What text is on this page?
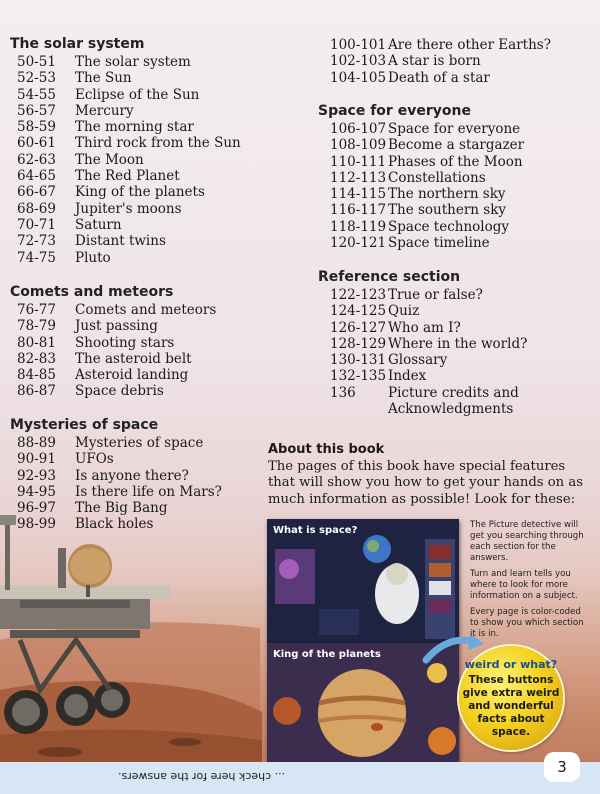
The solar system
50-51	The solar system
52-53	The Sun
54-55	Eclipse of the Sun
56-57	Mercury
58-59	The morning star
60-61	Third rock from the Sun
62-63	The Moon
64-65	The Red Planet
66-67	King of the planets
68-69	Jupiter's moons
70-71	Saturn
72-73	Distant twins
74-75	Pluto
Comets and meteors
76-77	Comets and meteors
78-79	Just passing
80-81	Shooting stars
82-83	The asteroid belt
84-85	Asteroid landing
86-87	Space debris
Mysteries of space
88-89	Mysteries of space
90-91	UFOs
92-93	Is anyone there?
94-95	Is there life on Mars?
96-97	The Big Bang
98-99	Black holes
100-101 Are there other Earths?
102-103 A star is born
104-105 Death of a star
Space for everyone
106-107 Space for everyone
108-109 Become a stargazer
110-111 Phases of the Moon
112-113 Constellations
114-115 The northern sky
116-117 The southern sky
118-119 Space technology
120-121 Space timeline
Reference section
122-123 True or false?
124-125 Quiz
126-127 Who am I?
128-129 Where in the world?
130-131 Glossary
132-135 Index
136	Picture credits and
Acknowledgments
About this book
The pages of this book have special features that will show you how to get your hands on as much information as possible! Look for these:
What is space?
King of the planets
The Picture detective will get you searching through each section for the answers.
Turn and learn tells you where to look for more information on a subject.
Every page is color-coded to show you which section it is in.
weird or what?
These buttons give extra weird and wonderful facts about space.
... check here for the answers.
3
